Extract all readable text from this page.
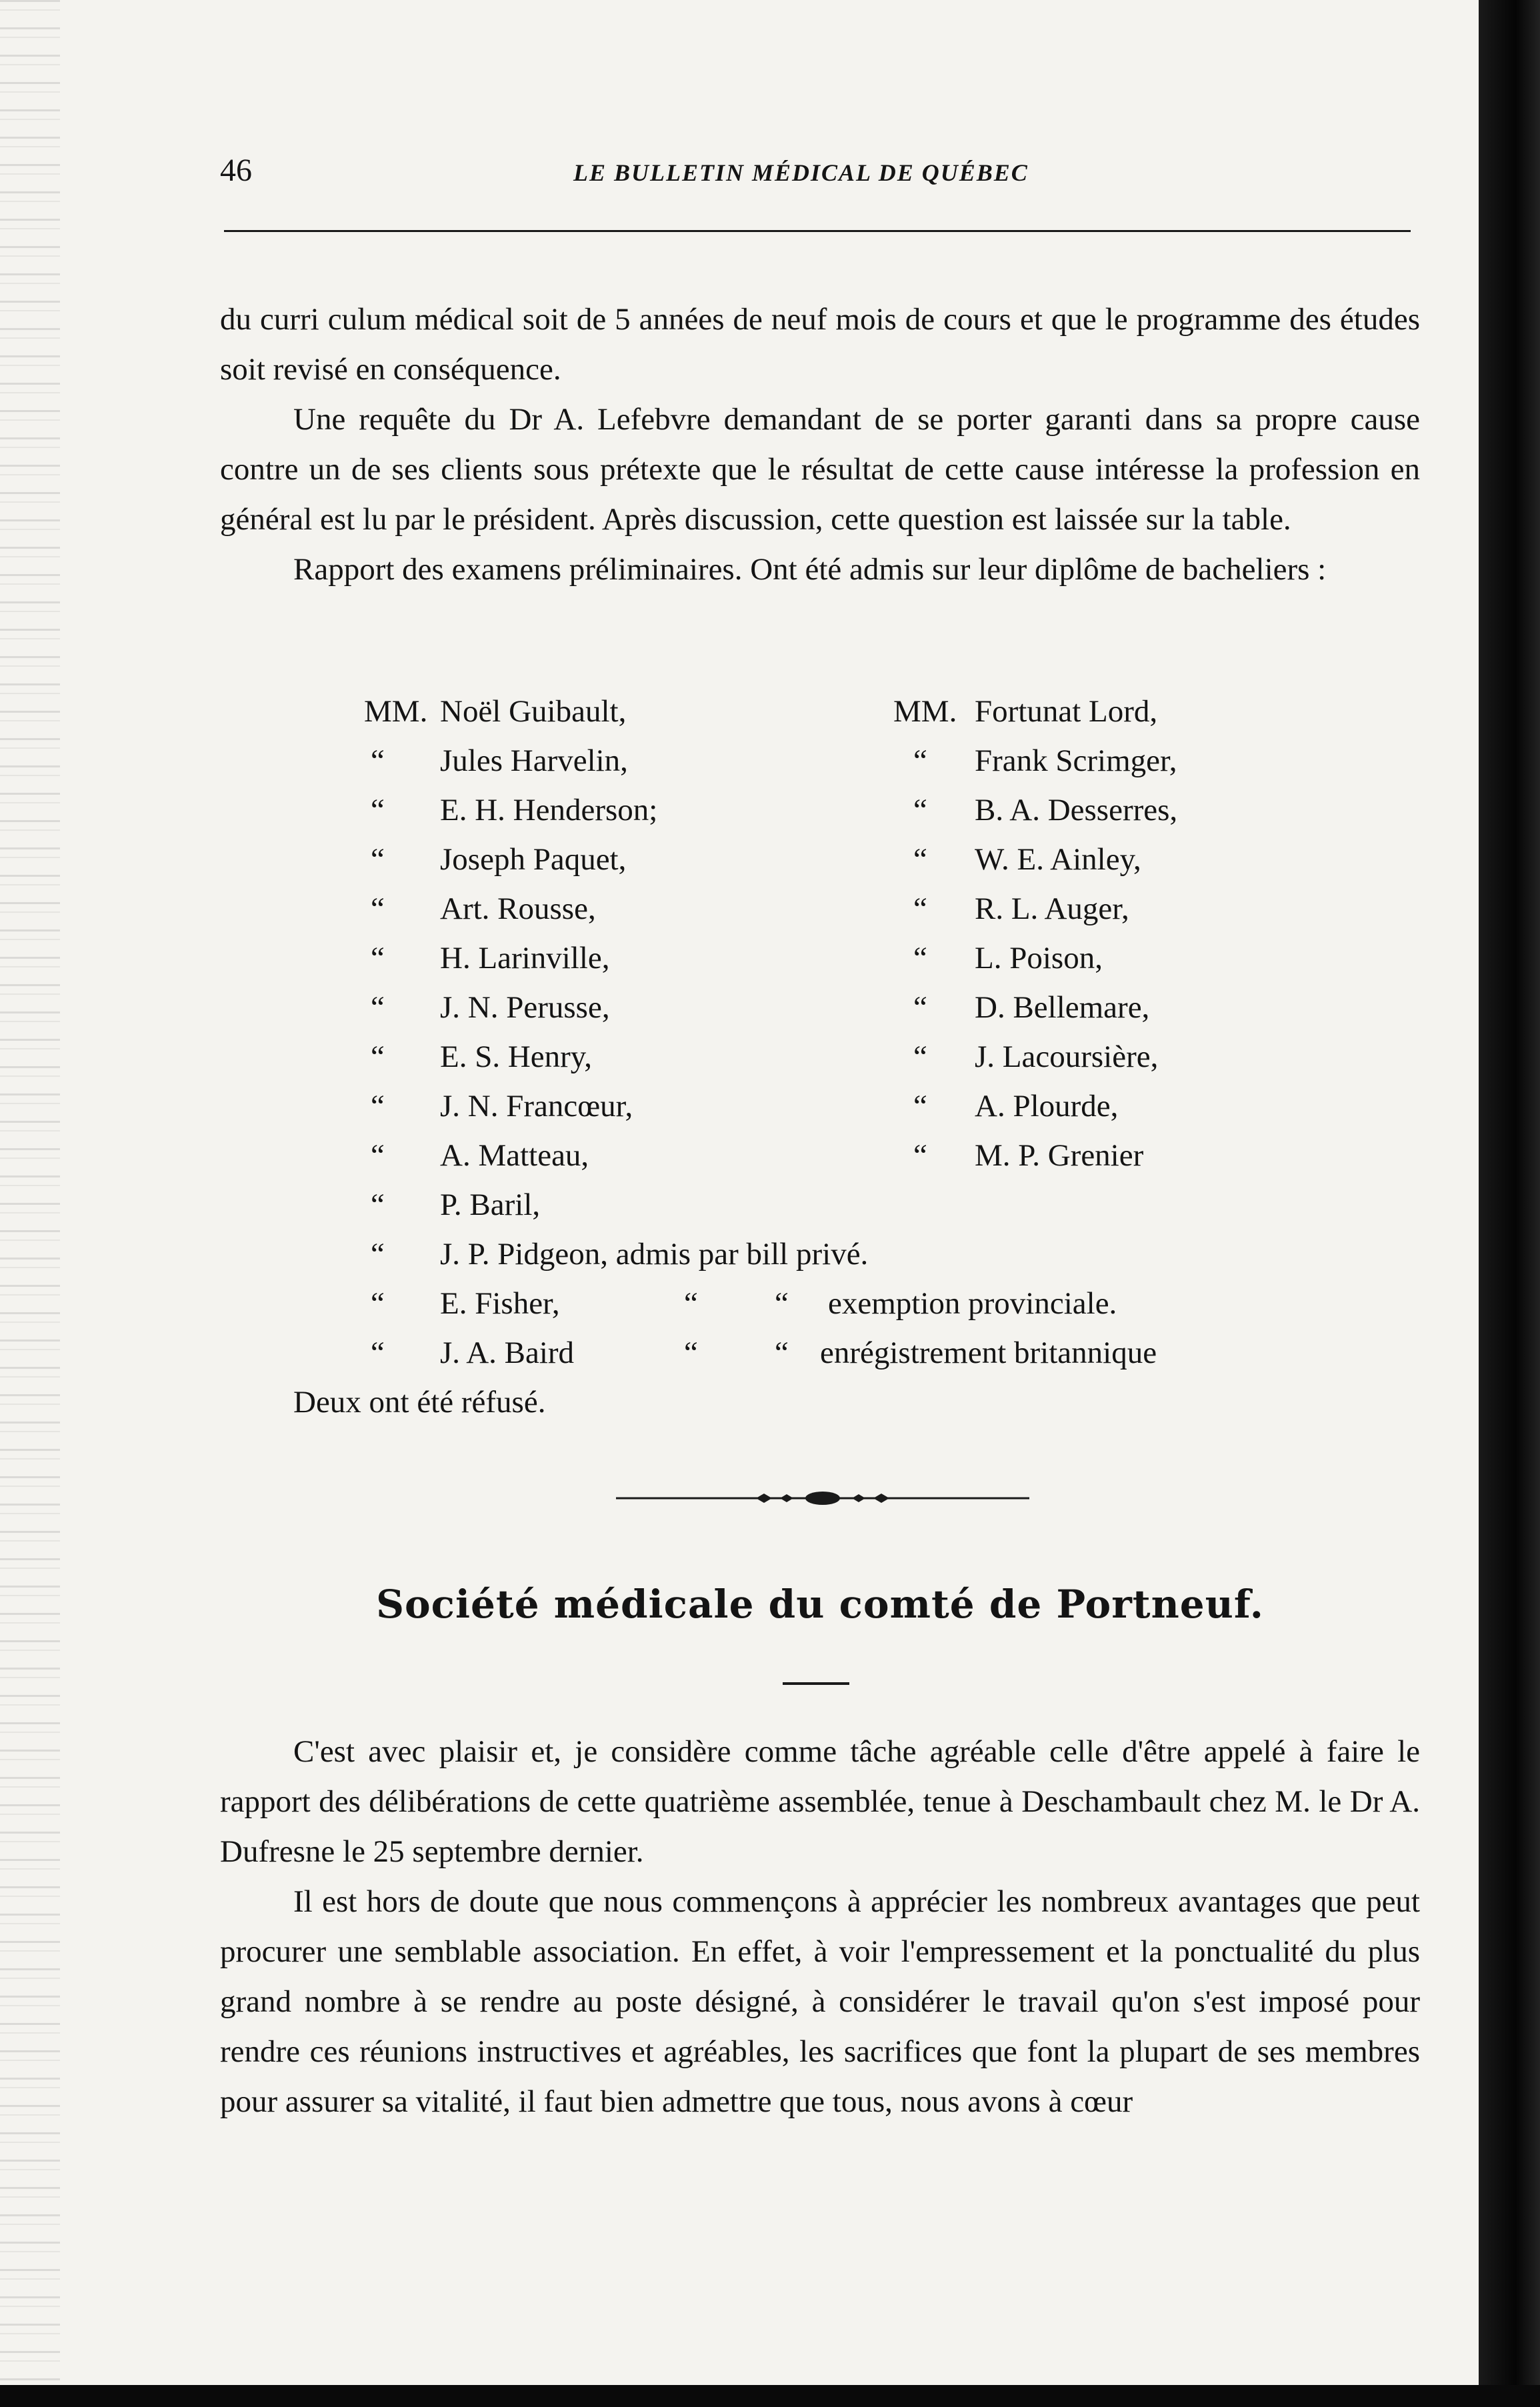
46	LE BULLETIN MÉDICAL DE QUÉBEC

du curri culum médical soit de 5 années de neuf mois de cours et que le programme des études soit revisé en conséquence.

Une requête du Dr A. Lefebvre demandant de se porter garanti dans sa propre cause contre un de ses clients sous prétexte que le résultat de cette cause intéresse la profession en général est lu par le président. Après discussion, cette question est laissée sur la table.

Rapport des examens préliminaires. Ont été admis sur leur diplôme de bacheliers :

MM. Noël Guibault,	MM. Fortunat Lord,
“ Jules Harvelin,	“ Frank Scrimger,
“ E. H. Henderson;	“ B. A. Desserres,
“ Joseph Paquet,	“ W. E. Ainley,
“ Art. Rousse,	“ R. L. Auger,
“ H. Larinville,	“ L. Poison,
“ J. N. Perusse,	“ D. Bellemare,
“ E. S. Henry,	“ J. Lacoursière,
“ J. N. Francœur,	“ A. Plourde,
“ A. Matteau,	“ M. P. Grenier
“ P. Baril,
“ J. P. Pidgeon, admis par bill privé.
“ E. Fisher,	“ “ exemption provinciale.
“ J. A. Baird	“ “ enrégistrement britannique
Deux ont été réfusé.
Société médicale du comté de Portneuf.

C'est avec plaisir et, je considère comme tâche agréable celle d'être appelé à faire le rapport des délibérations de cette quatrième assemblée, tenue à Deschambault chez M. le Dr A. Dufresne le 25 septembre dernier.

Il est hors de doute que nous commençons à apprécier les nombreux avantages que peut procurer une semblable association. En effet, à voir l'empressement et la ponctualité du plus grand nombre à se rendre au poste désigné, à considérer le travail qu'on s'est imposé pour rendre ces réunions instructives et agréables, les sacrifices que font la plupart de ses membres pour assurer sa vitalité, il faut bien admettre que tous, nous avons à cœur
